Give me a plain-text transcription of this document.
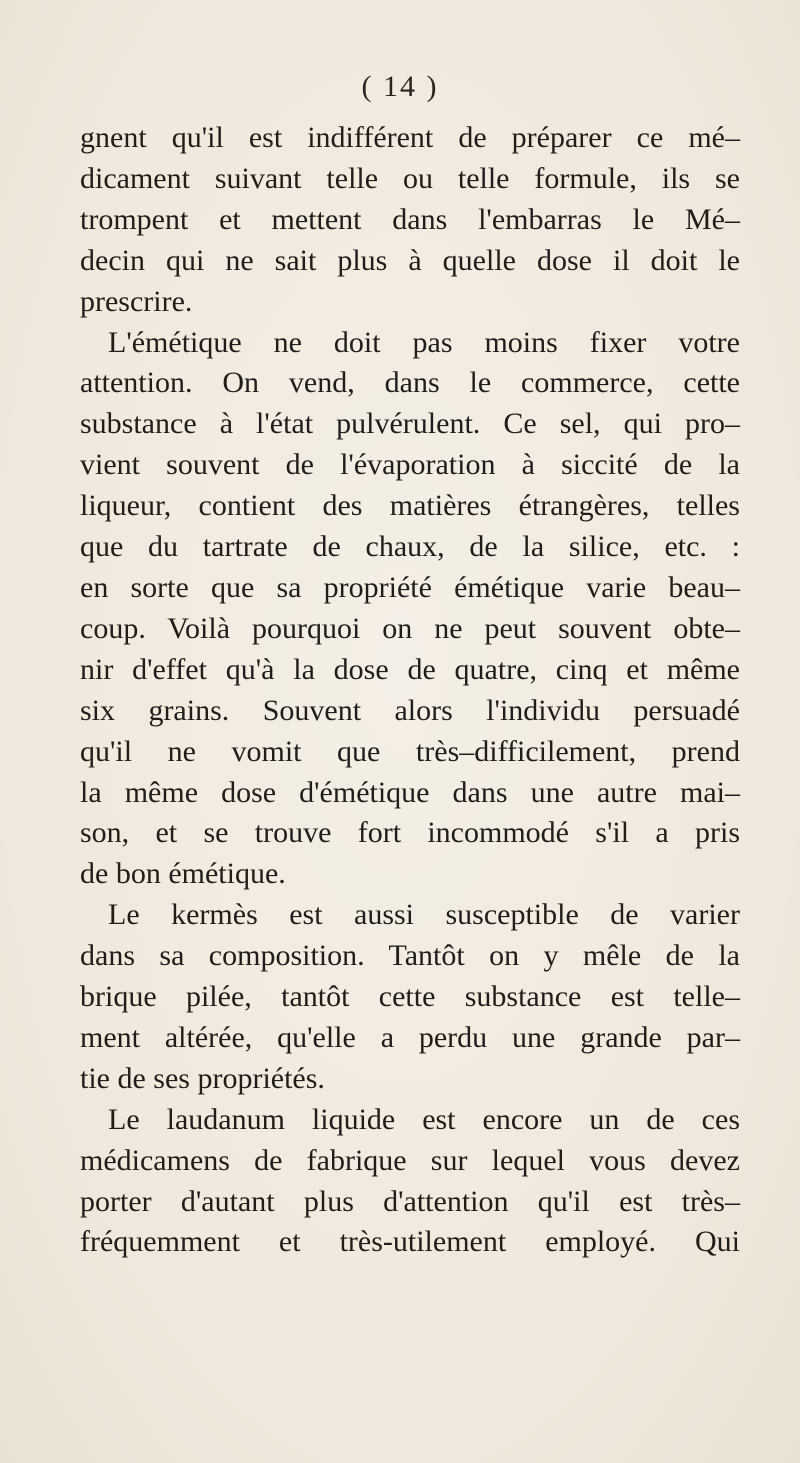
( 14 )
gnent qu'il est indifférent de préparer ce mé–
dicament suivant telle ou telle formule, ils se
trompent et mettent dans l'embarras le Mé–
decin qui ne sait plus à quelle dose il doit le
prescrire.
L'émétique ne doit pas moins fixer votre
attention. On vend, dans le commerce, cette
substance à l'état pulvérulent. Ce sel, qui pro–
vient souvent de l'évaporation à siccité de la
liqueur, contient des matières étrangères, telles
que du tartrate de chaux, de la silice, etc. :
en sorte que sa propriété émétique varie beau–
coup. Voilà pourquoi on ne peut souvent obte–
nir d'effet qu'à la dose de quatre, cinq et même
six grains. Souvent alors l'individu persuadé
qu'il ne vomit que très–difficilement, prend
la même dose d'émétique dans une autre mai–
son, et se trouve fort incommodé s'il a pris
de bon émétique.
Le kermès est aussi susceptible de varier
dans sa composition. Tantôt on y mêle de la
brique pilée, tantôt cette substance est telle–
ment altérée, qu'elle a perdu une grande par–
tie de ses propriétés.
Le laudanum liquide est encore un de ces
médicamens de fabrique sur lequel vous devez
porter d'autant plus d'attention qu'il est très–
fréquemment et très-utilement employé. Qui
